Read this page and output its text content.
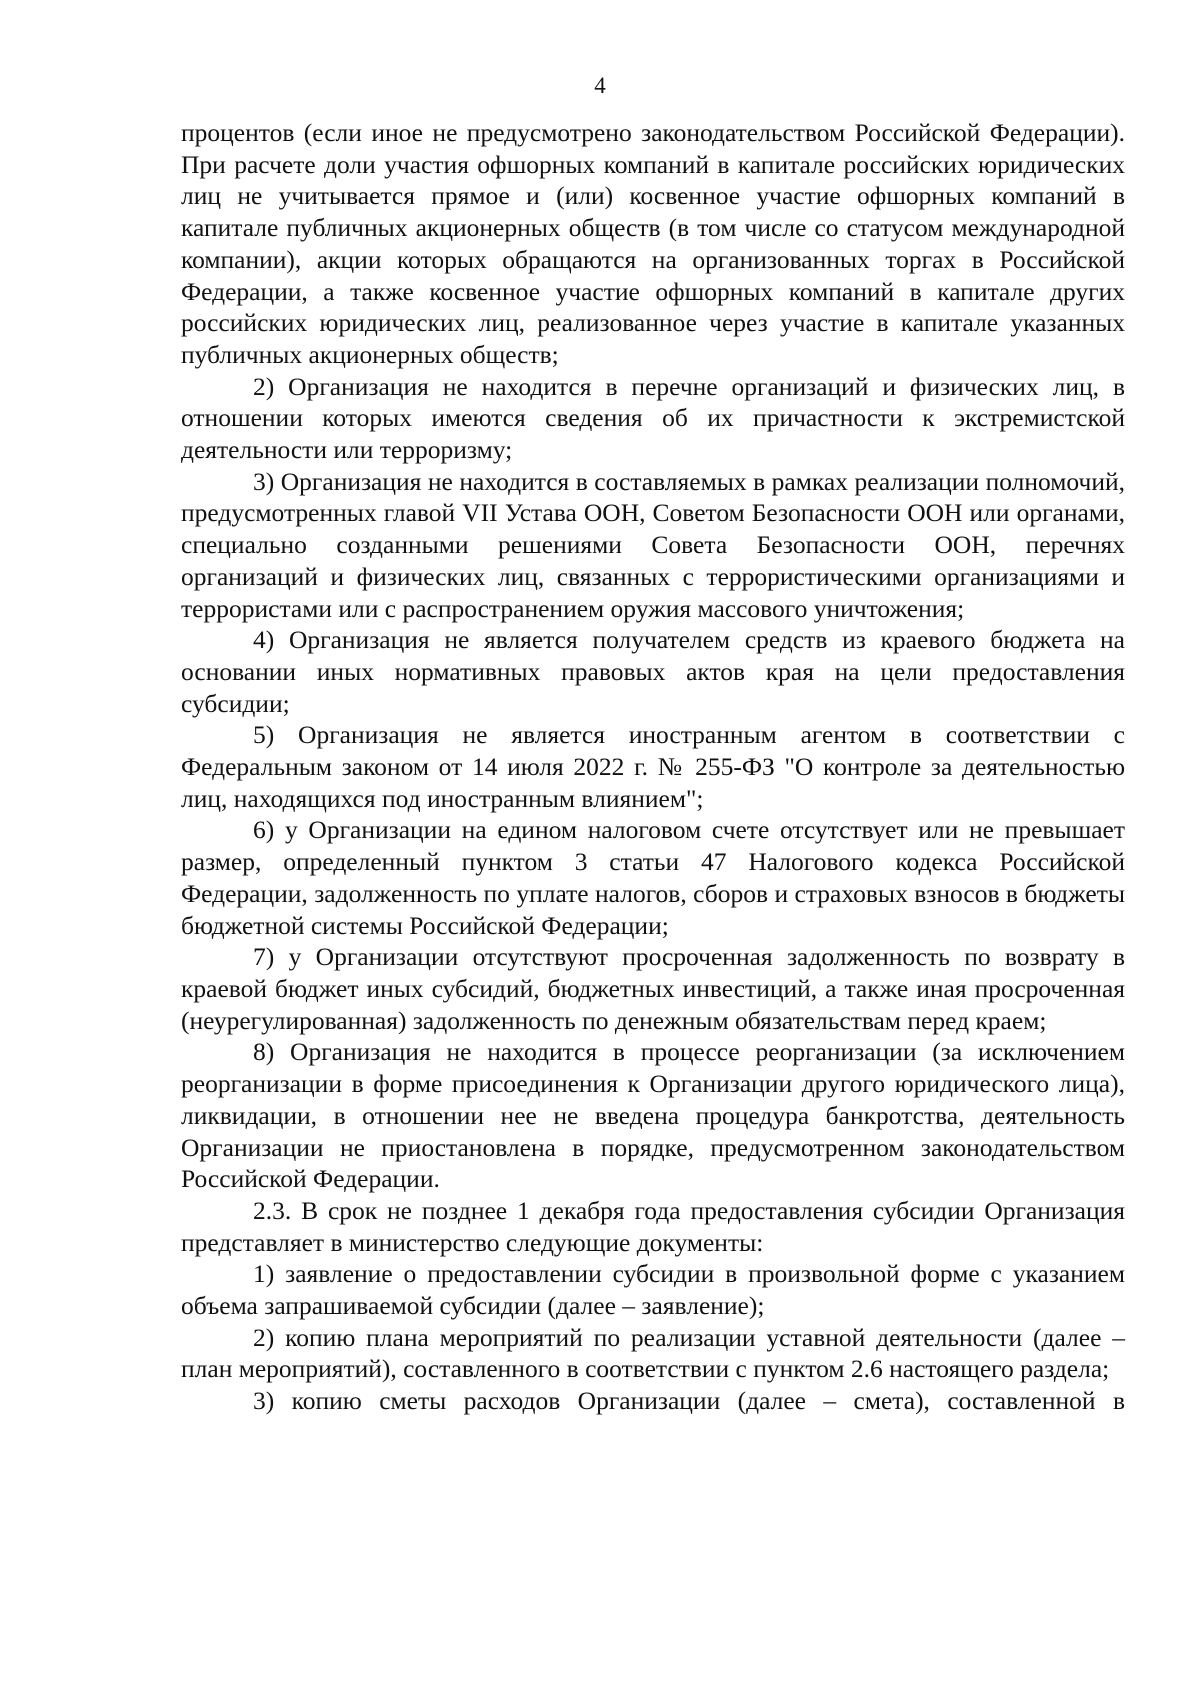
4

процентов (если иное не предусмотрено законодательством Российской Федерации). При расчете доли участия офшорных компаний в капитале российских юридических лиц не учитывается прямое и (или) косвенное участие офшорных компаний в капитале публичных акционерных обществ (в том числе со статусом международной компании), акции которых обращаются на организованных торгах в Российской Федерации, а также косвенное участие офшорных компаний в капитале других российских юридических лиц, реализованное через участие в капитале указанных публичных акционерных обществ;

2) Организация не находится в перечне организаций и физических лиц, в отношении которых имеются сведения об их причастности к экстремистской деятельности или терроризму;

3) Организация не находится в составляемых в рамках реализации полномочий, предусмотренных главой VII Устава ООН, Советом Безопасности ООН или органами, специально созданными решениями Совета Безопасности ООН, перечнях организаций и физических лиц, связанных с террористическими организациями и террористами или с распространением оружия массового уничтожения;

4) Организация не является получателем средств из краевого бюджета на основании иных нормативных правовых актов края на цели предоставления субсидии;

5) Организация не является иностранным агентом в соответствии с Федеральным законом от 14 июля 2022 г. № 255-ФЗ "О контроле за деятельностью лиц, находящихся под иностранным влиянием";

6) у Организации на едином налоговом счете отсутствует или не превышает размер, определенный пунктом 3 статьи 47 Налогового кодекса Российской Федерации, задолженность по уплате налогов, сборов и страховых взносов в бюджеты бюджетной системы Российской Федерации;

7) у Организации отсутствуют просроченная задолженность по возврату в краевой бюджет иных субсидий, бюджетных инвестиций, а также иная просроченная (неурегулированная) задолженность по денежным обязательствам перед краем;

8) Организация не находится в процессе реорганизации (за исключением реорганизации в форме присоединения к Организации другого юридического лица), ликвидации, в отношении нее не введена процедура банкротства, деятельность Организации не приостановлена в порядке, предусмотренном законодательством Российской Федерации.

2.3. В срок не позднее 1 декабря года предоставления субсидии Организация представляет в министерство следующие документы:

1) заявление о предоставлении субсидии в произвольной форме с указанием объема запрашиваемой субсидии (далее – заявление);

2) копию плана мероприятий по реализации уставной деятельности (далее – план мероприятий), составленного в соответствии с пунктом 2.6 настоящего раздела;

3) копию сметы расходов Организации (далее – смета), составленной в
